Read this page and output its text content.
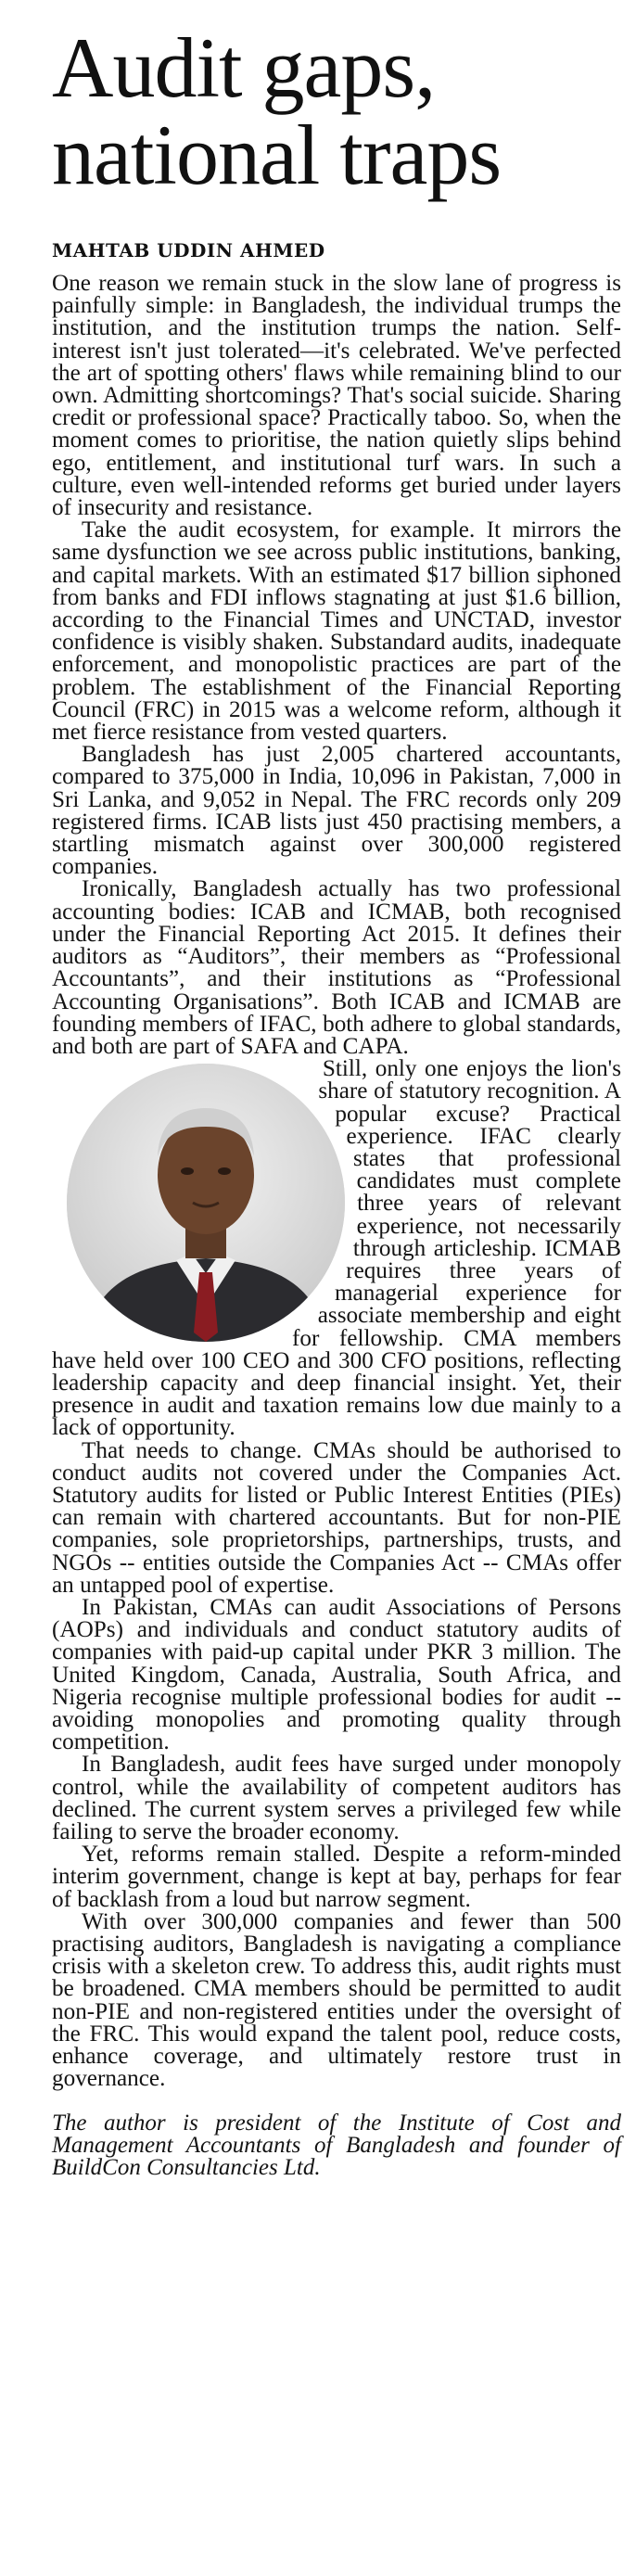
Audit gaps,
national traps
MAHTAB UDDIN AHMED

One reason we remain stuck in the slow lane of progress is painfully simple: in Bangladesh, the individual trumps the institution, and the institution trumps the nation. Self-interest isn't just tolerated—it's celebrated. We've perfected the art of spotting others' flaws while remaining blind to our own. Admitting shortcomings? That's social suicide. Sharing credit or professional space? Practically taboo. So, when the moment comes to prioritise, the nation quietly slips behind ego, entitlement, and institutional turf wars. In such a culture, even well-intended reforms get buried under layers of insecurity and resistance.

Take the audit ecosystem, for example. It mirrors the same dysfunction we see across public institutions, banking, and capital markets. With an estimated $17 billion siphoned from banks and FDI inflows stagnating at just $1.6 billion, according to the Financial Times and UNCTAD, investor confidence is visibly shaken. Substandard audits, inadequate enforcement, and monopolistic practices are part of the problem. The establishment of the Financial Reporting Council (FRC) in 2015 was a welcome reform, although it met fierce resistance from vested quarters.

Bangladesh has just 2,005 chartered accountants, compared to 375,000 in India, 10,096 in Pakistan, 7,000 in Sri Lanka, and 9,052 in Nepal. The FRC records only 209 registered firms. ICAB lists just 450 practising members, a startling mismatch against over 300,000 registered companies.

Ironically, Bangladesh actually has two professional accounting bodies: ICAB and ICMAB, both recognised under the Financial Reporting Act 2015. It defines their auditors as “Auditors”, their members as “Professional Accountants”, and their institutions as “Professional Accounting Organisations”. Both ICAB and ICMAB are founding members of IFAC, both adhere to global standards, and both are part of SAFA and CAPA.

Still, only one enjoys the lion's share of statutory recognition. A popular excuse? Practical experience. IFAC clearly states that professional candidates must complete three years of relevant experience, not necessarily through articleship. ICMAB requires three years of managerial experience for associate membership and eight for fellowship. CMA members have held over 100 CEO and 300 CFO positions, reflecting leadership capacity and deep financial insight. Yet, their presence in audit and taxation remains low due mainly to a lack of opportunity.

That needs to change. CMAs should be authorised to conduct audits not covered under the Companies Act. Statutory audits for listed or Public Interest Entities (PIEs) can remain with chartered accountants. But for non-PIE companies, sole proprietorships, partnerships, trusts, and NGOs -- entities outside the Companies Act -- CMAs offer an untapped pool of expertise.

In Pakistan, CMAs can audit Associations of Persons (AOPs) and individuals and conduct statutory audits of companies with paid-up capital under PKR 3 million. The United Kingdom, Canada, Australia, South Africa, and Nigeria recognise multiple professional bodies for audit -- avoiding monopolies and promoting quality through competition.

In Bangladesh, audit fees have surged under monopoly control, while the availability of competent auditors has declined. The current system serves a privileged few while failing to serve the broader economy.

Yet, reforms remain stalled. Despite a reform-minded interim government, change is kept at bay, perhaps for fear of backlash from a loud but narrow segment.

With over 300,000 companies and fewer than 500 practising auditors, Bangladesh is navigating a compliance crisis with a skeleton crew. To address this, audit rights must be broadened. CMA members should be permitted to audit non-PIE and non-registered entities under the oversight of the FRC. This would expand the talent pool, reduce costs, enhance coverage, and ultimately restore trust in governance.

The author is president of the Institute of Cost and Management Accountants of Bangladesh and founder of BuildCon Consultancies Ltd.
